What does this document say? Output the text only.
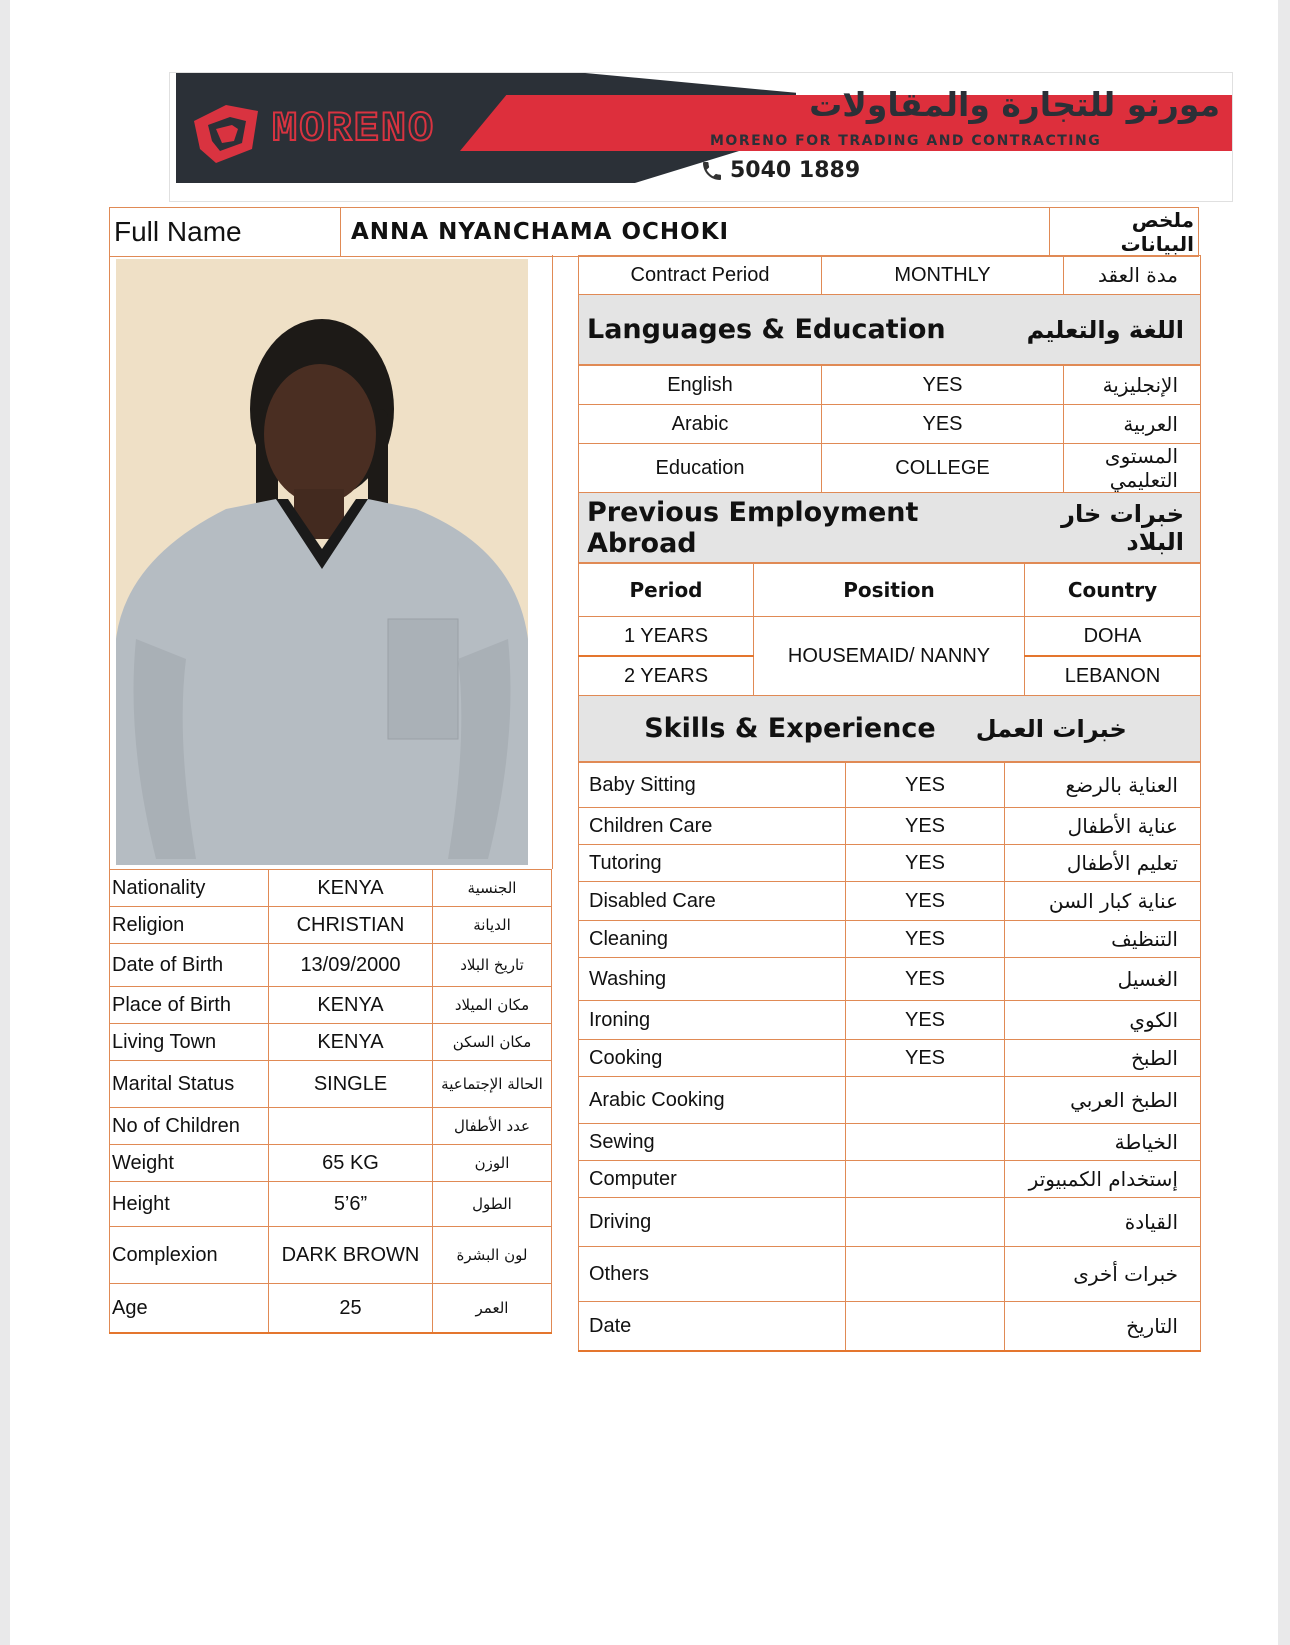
MORENO
مورنو للتجارة والمقاولات
MORENO FOR TRADING AND CONTRACTING
5040 1889
Full Name	ANNA NYANCHAMA OCHOKI	ملخص البيانات
Nationality	KENYA	الجنسية
Religion	CHRISTIAN	الديانة
Date of Birth	13/09/2000	تاريخ البلاد
Place of Birth	KENYA	مكان الميلاد
Living Town	KENYA	مكان السكن
Marital Status	SINGLE	الحالة الإجتماعية
No of Children		عدد الأطفال
Weight	65 KG	الوزن
Height	5’6”	الطول
Complexion	DARK BROWN	لون البشرة
Age	25	العمر
Contract Period	MONTHLY	مدة العقد
Languages & Education	اللغة والتعليم
English	YES	الإنجليزية
Arabic	YES	العربية
Education	COLLEGE	المستوى التعليمي
Previous Employment Abroad
خبرات خار البلاد
Period	Position	Country
1 YEARS	HOUSEMAID/ NANNY	DOHA
2 YEARS		LEBANON
Skills & Experience خبرات العمل
Baby Sitting	YES	العناية بالرضع
Children Care	YES	عناية الأطفال
Tutoring	YES	تعليم الأطفال
Disabled Care	YES	عناية كبار السن
Cleaning	YES	التنظيف
Washing	YES	الغسيل
Ironing	YES	الكوي
Cooking	YES	الطبخ
Arabic Cooking		الطبخ العربي
Sewing		الخياطة
Computer		إستخدام الكمبيوتر
Driving		القيادة
Others		خبرات أخرى
Date		التاريخ
